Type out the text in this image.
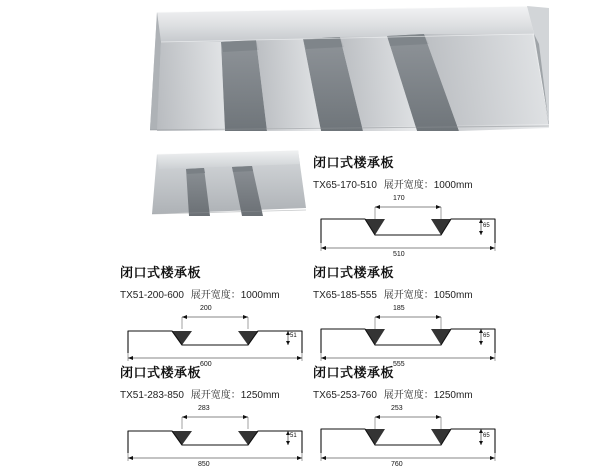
闭口式楼承板
TX65-170-510 展开宽度：1000mm
170
510
65
闭口式楼承板
TX51-200-600 展开宽度：1000mm
200
600
51
闭口式楼承板
TX65-185-555 展开宽度：1050mm
185
555
65
闭口式楼承板
TX51-283-850 展开宽度：1250mm
283
850
51
闭口式楼承板
TX65-253-760 展开宽度：1250mm
253
760
65
